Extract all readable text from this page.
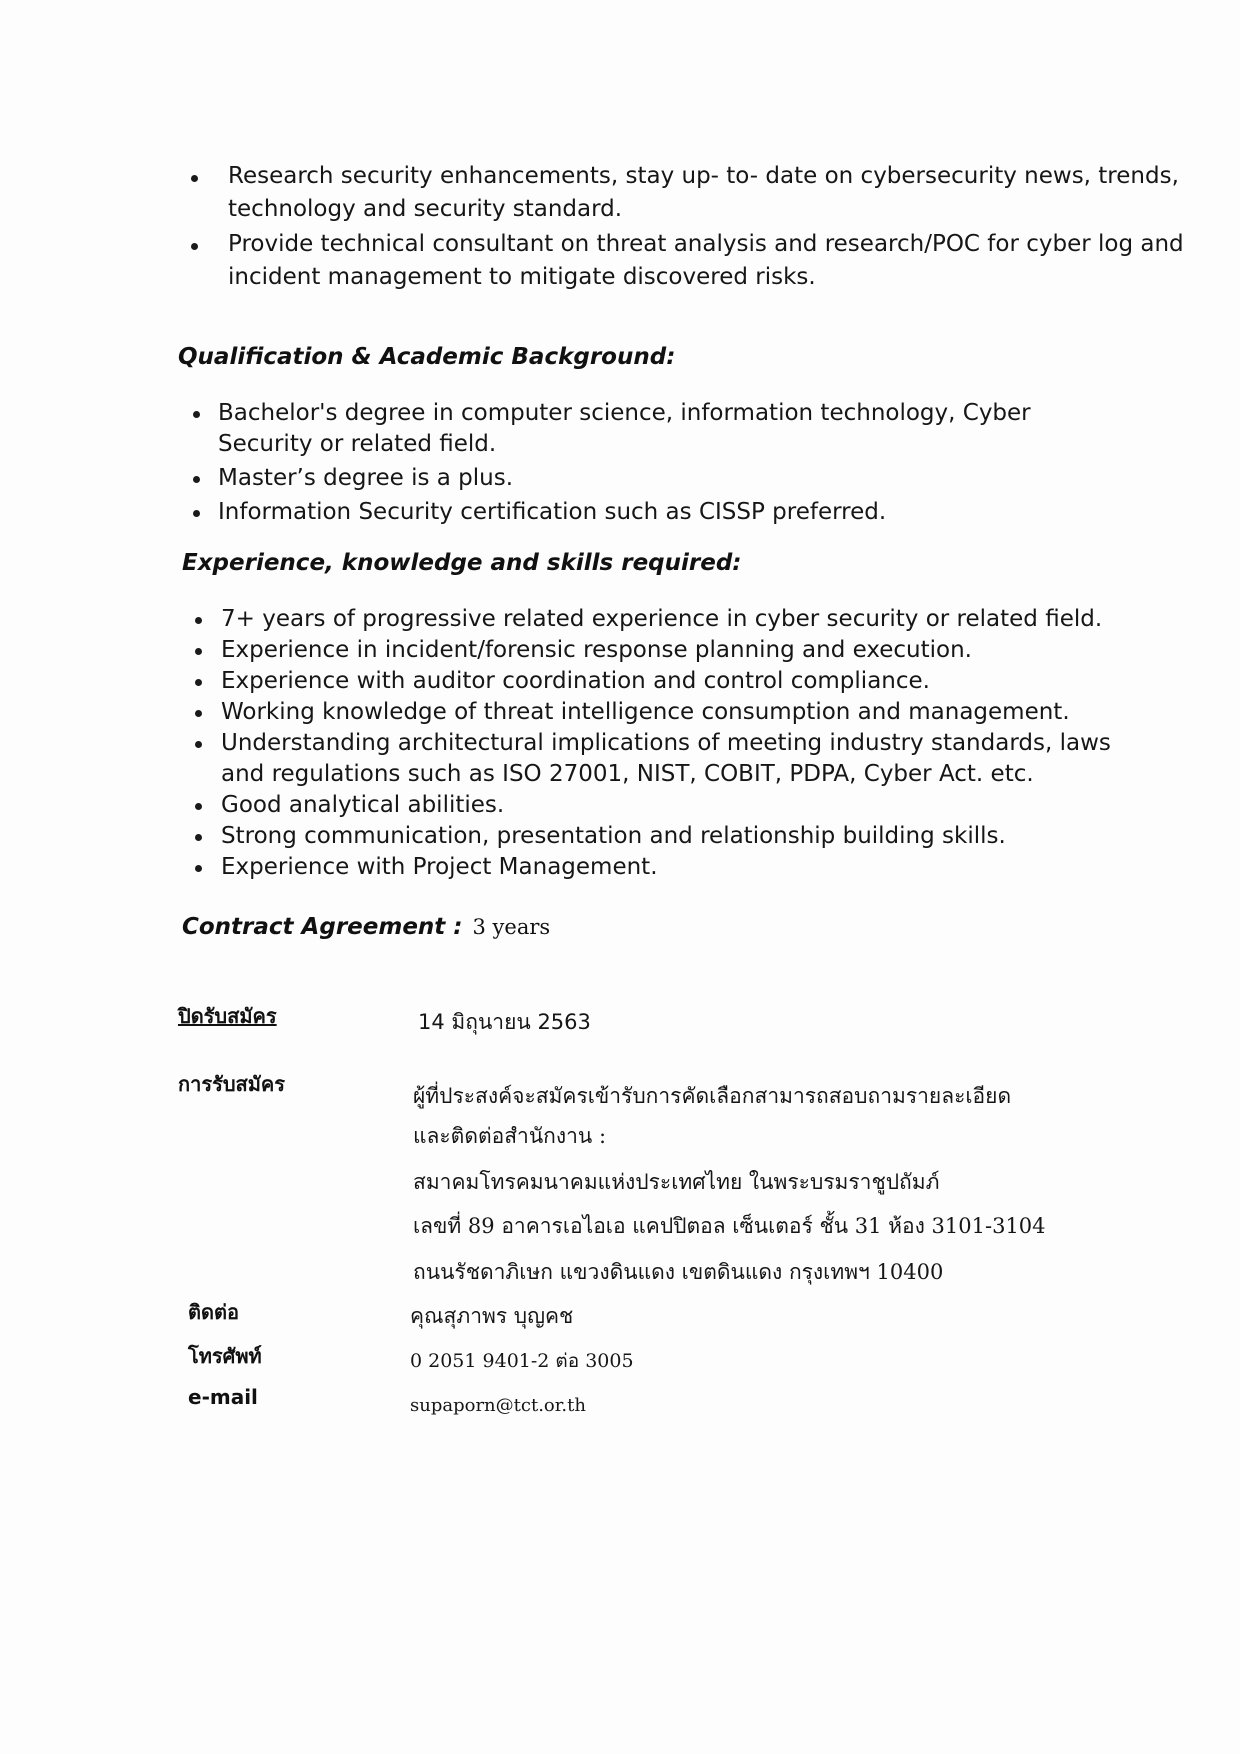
Research security enhancements, stay up- to- date on cybersecurity news, trends, technology and security standard.
Provide technical consultant on threat analysis and research/POC for cyber log and incident management to mitigate discovered risks.
Qualification & Academic Background:
Bachelor's degree in computer science, information technology, Cyber Security or related field.
Master’s degree is a plus.
Information Security certification such as CISSP preferred.
Experience, knowledge and skills required:
7+ years of progressive related experience in cyber security or related field.
Experience in incident/forensic response planning and execution.
Experience with auditor coordination and control compliance.
Working knowledge of threat intelligence consumption and management.
Understanding architectural implications of meeting industry standards, laws and regulations such as ISO 27001, NIST, COBIT, PDPA, Cyber Act. etc.
Good analytical abilities.
Strong communication, presentation and relationship building skills.
Experience with Project Management.
Contract Agreement : 3 years
ปิดรับสมัคร	14 มิถุนายน 2563
การรับสมัคร	ผู้ที่ประสงค์จะสมัครเข้ารับการคัดเลือกสามารถสอบถามรายละเอียด
และติดต่อสำนักงาน :
สมาคมโทรคมนาคมแห่งประเทศไทย ในพระบรมราชูปถัมภ์
เลขที่ 89 อาคารเอไอเอ แคปปิตอล เซ็นเตอร์ ชั้น 31 ห้อง 3101-3104
ถนนรัชดาภิเษก แขวงดินแดง เขตดินแดง กรุงเทพฯ 10400
ติดต่อ	คุณสุภาพร บุญคช
โทรศัพท์	0 2051 9401-2 ต่อ 3005
e-mail	supaporn@tct.or.th
